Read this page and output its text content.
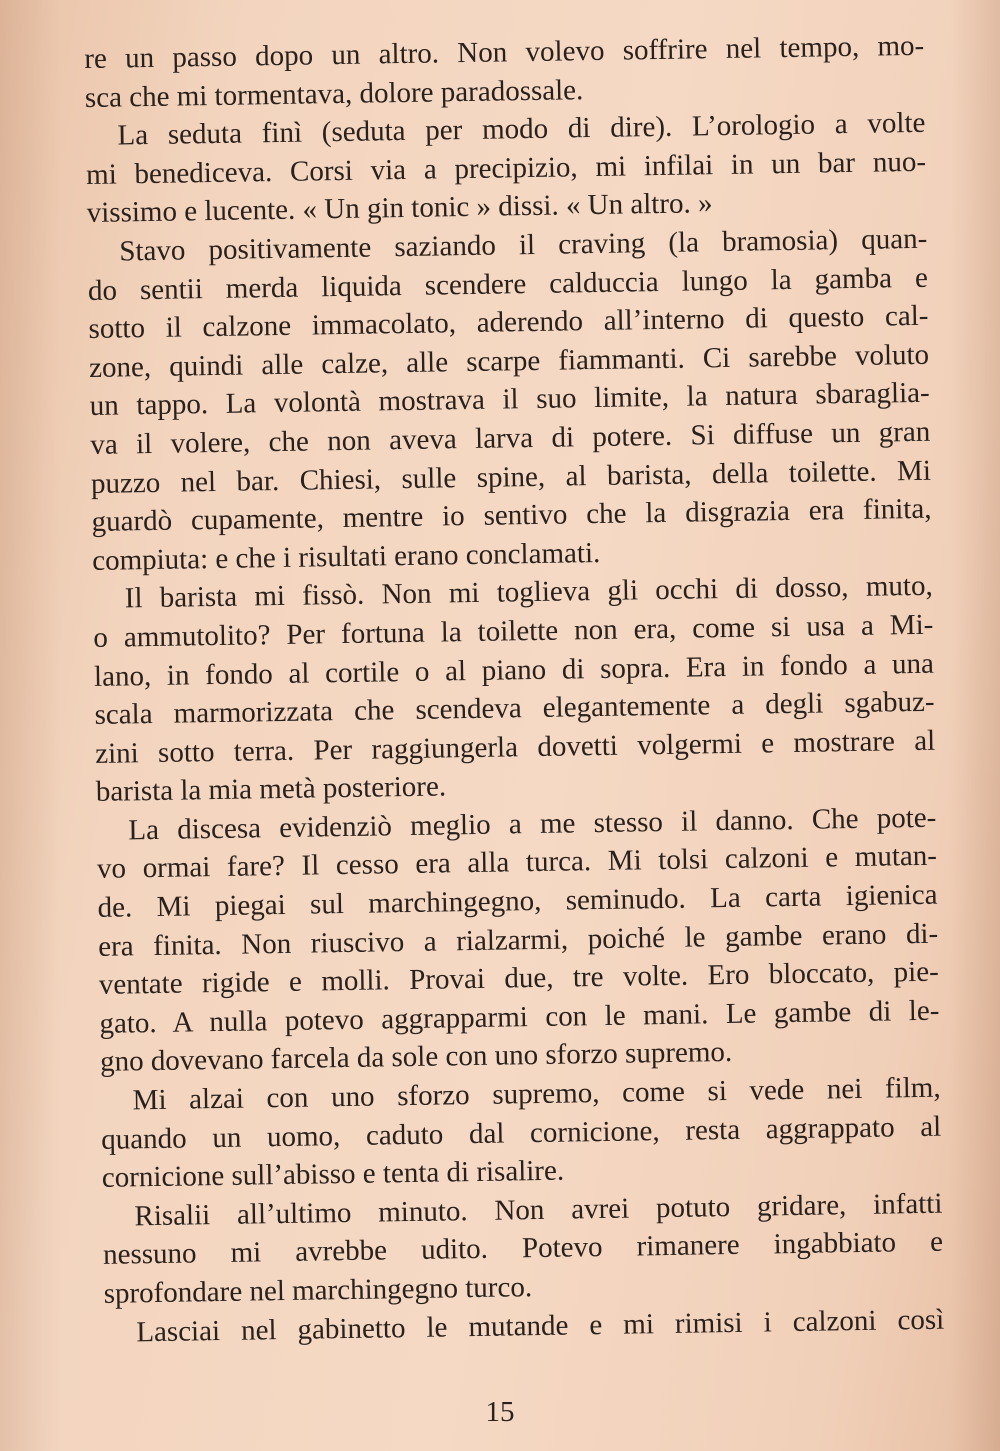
re un passo dopo un altro. Non volevo soffrire nel tempo, mo-
sca che mi tormentava, dolore paradossale.
La seduta finì (seduta per modo di dire). L’orologio a volte
mi benediceva. Corsi via a precipizio, mi infilai in un bar nuo-
vissimo e lucente. « Un gin tonic » dissi. « Un altro. »
Stavo positivamente saziando il craving (la bramosia) quan-
do sentii merda liquida scendere calduccia lungo la gamba e
sotto il calzone immacolato, aderendo all’interno di questo cal-
zone, quindi alle calze, alle scarpe fiammanti. Ci sarebbe voluto
un tappo. La volontà mostrava il suo limite, la natura sbaraglia-
va il volere, che non aveva larva di potere. Si diffuse un gran
puzzo nel bar. Chiesi, sulle spine, al barista, della toilette. Mi
guardò cupamente, mentre io sentivo che la disgrazia era finita,
compiuta: e che i risultati erano conclamati.
Il barista mi fissò. Non mi toglieva gli occhi di dosso, muto,
o ammutolito? Per fortuna la toilette non era, come si usa a Mi-
lano, in fondo al cortile o al piano di sopra. Era in fondo a una
scala marmorizzata che scendeva elegantemente a degli sgabuz-
zini sotto terra. Per raggiungerla dovetti volgermi e mostrare al
barista la mia metà posteriore.
La discesa evidenziò meglio a me stesso il danno. Che pote-
vo ormai fare? Il cesso era alla turca. Mi tolsi calzoni e mutan-
de. Mi piegai sul marchingegno, seminudo. La carta igienica
era finita. Non riuscivo a rialzarmi, poiché le gambe erano di-
ventate rigide e molli. Provai due, tre volte. Ero bloccato, pie-
gato. A nulla potevo aggrapparmi con le mani. Le gambe di le-
gno dovevano farcela da sole con uno sforzo supremo.
Mi alzai con uno sforzo supremo, come si vede nei film,
quando un uomo, caduto dal cornicione, resta aggrappato al
cornicione sull’abisso e tenta di risalire.
Risalii all’ultimo minuto. Non avrei potuto gridare, infatti
nessuno mi avrebbe udito. Potevo rimanere ingabbiato e
sprofondare nel marchingegno turco.
Lasciai nel gabinetto le mutande e mi rimisi i calzoni così
15
